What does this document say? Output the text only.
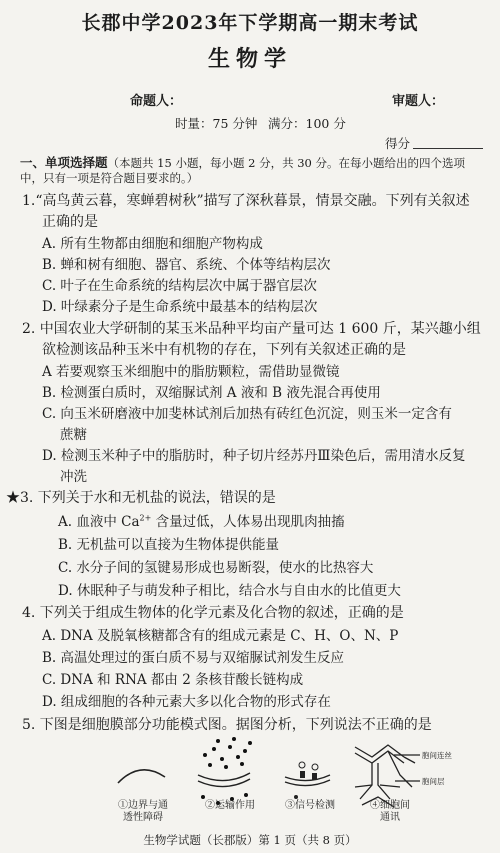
长郡中学2023年下学期高一期末考试
生物学
命题人：	审题人：
时量：75 分钟 满分：100 分
得分
一、单项选择题（本题共 15 小题，每小题 2 分，共 30 分。在每小题给出的四个选项
中，只有一项是符合题目要求的。）
1.“高鸟黄云暮，寒蝉碧树秋”描写了深秋暮景，情景交融。下列有关叙述
正确的是
A. 所有生物都由细胞和细胞产物构成
B. 蝉和树有细胞、器官、系统、个体等结构层次
C. 叶子在生命系统的结构层次中属于器官层次
D. 叶绿素分子是生命系统中最基本的结构层次
2. 中国农业大学研制的某玉米品种平均亩产量可达 1 600 斤，某兴趣小组
欲检测该品种玉米中有机物的存在，下列有关叙述正确的是
A 若要观察玉米细胞中的脂肪颗粒，需借助显微镜
B. 检测蛋白质时，双缩脲试剂 A 液和 B 液先混合再使用
C. 向玉米研磨液中加斐林试剂后加热有砖红色沉淀，则玉米一定含有
蔗糖
D. 检测玉米种子中的脂肪时，种子切片经苏丹Ⅲ染色后，需用清水反复
冲洗
★3. 下列关于水和无机盐的说法，错误的是
A. 血液中 $Ca^{2+}$ 含量过低，人体易出现肌肉抽搐
B. 无机盐可以直接为生物体提供能量
C. 水分子间的氢键易形成也易断裂，使水的比热容大
D. 休眠种子与萌发种子相比，结合水与自由水的比值更大
4. 下列关于组成生物体的化学元素及化合物的叙述，正确的是
A. DNA 及脱氧核糖都含有的组成元素是 C、H、O、N、P
B. 高温处理过的蛋白质不易与双缩脲试剂发生反应
C. DNA 和 RNA 都由 2 条核苷酸长链构成
D. 组成细胞的各种元素大多以化合物的形式存在
5. 下图是细胞膜部分功能模式图。据图分析，下列说法不正确的是
胞间连丝
胞间层
①边界与通
透性障碍
②运输作用	③信号检测	④细胞间
通讯
生物学试题（长郡版）第 1 页（共 8 页）
